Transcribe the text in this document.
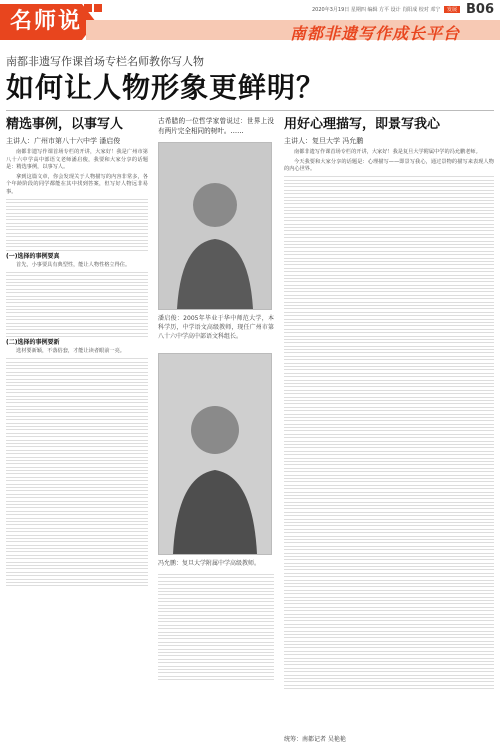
名师说	2020年3月19日 星期四 编辑 方平 设计 肖阳成 校对 邓宁 发展 B06
南都非遗写作成长平台
南都非遗写作课首场专栏名师教你写人物
如何让人物形象更鲜明？
精选事例，以事写人
主讲人：广州市第八十六中学 潘启俊

南都非遗写作课首场专栏的开讲，大家好！我是广州市第八十六中学高中部语文老师潘启俊，我要和大家分享的话题是：精选事例，以事写人。

拿到这篇文章，你会发现关于人物描写的内容非常多，各个年龄阶段的同学都能在其中找到答案，但写好人物远非易事。

(一)选择的事例要真

首先，小事要具有典型性，能让人物性格立得住。

(二)选择的事例要新

选材要新颖，不落俗套，才能让读者眼前一亮。

古希腊的一位哲学家曾说过：世界上没有两片完全相同的树叶。……
潘启俊：2005年毕业于华中师范大学，本科学历，中学语文高级教师，现任广州市第八十六中学高中部语文科组长。
冯允鹏：复旦大学附属中学高级教师。
用好心理描写，即景写我心
主讲人：复旦大学 冯允鹏

南都非遗写作课首场专栏的开讲，大家好！我是复旦大学附属中学的冯允鹏老师。

今天我要和大家分享的话题是：心理描写——即景写我心，通过景物的描写来表现人物的内心世界。

统筹：南都记者 吴艳艳
